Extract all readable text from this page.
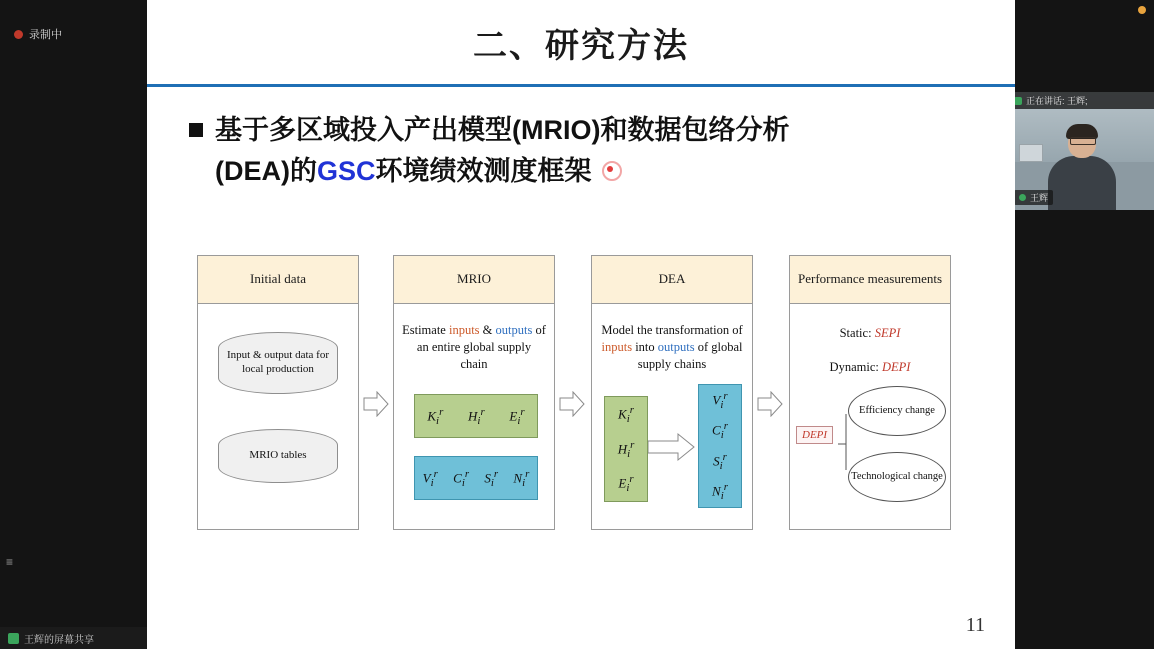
录制中
≡
王辉的屏幕共享
正在讲话: 王辉;
王辉
二、研究方法
基于多区域投入产出模型(MRIO)和数据包络分析
(DEA)的 GSC 环境绩效测度框架
Initial data
Input & output data for local production
MRIO tables
MRIO
Estimate inputs & outputs of an entire global supply chain
$K_i^r$ $H_i^r$ $E_i^r$
$V_i^r$ $C_i^r$ $S_i^r$ $N_i^r$
DEA
Model the transformation of inputs into outputs of global supply chains
$K_i^r$
$H_i^r$
$E_i^r$
$V_i^r$
$C_i^r$
$S_i^r$
$N_i^r$
Performance measurements
Static: SEPI
Dynamic: DEPI
DEPI
Efficiency change
Technological change
11
